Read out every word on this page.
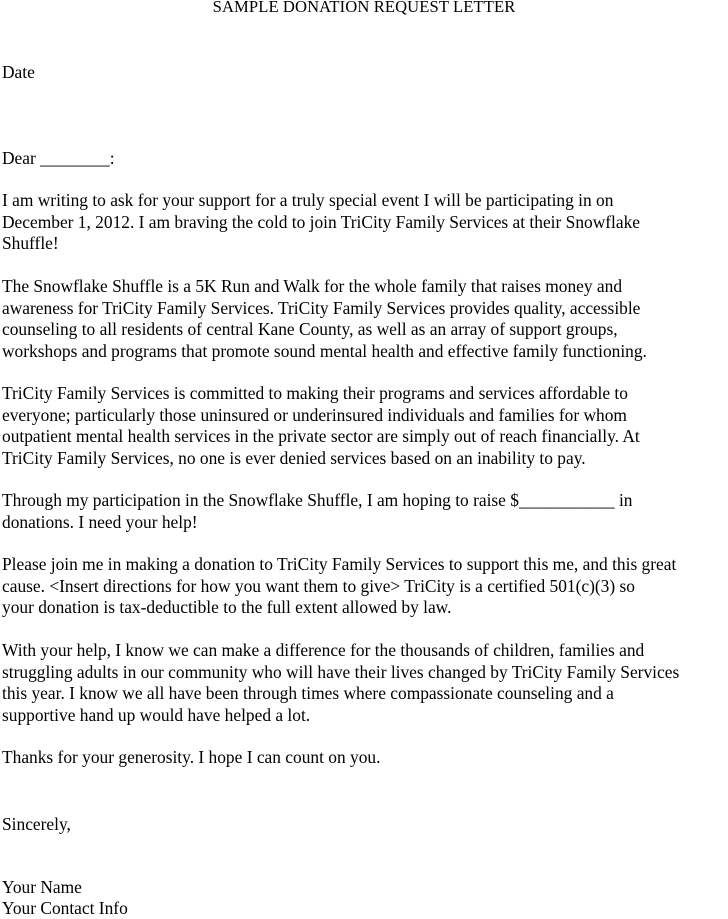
SAMPLE DONATION REQUEST LETTER
Date
Dear ________:

I am writing to ask for your support for a truly special event I will be participating in on
December 1, 2012. I am braving the cold to join TriCity Family Services at their Snowflake
Shuffle!

The Snowflake Shuffle is a 5K Run and Walk for the whole family that raises money and
awareness for TriCity Family Services. TriCity Family Services provides quality, accessible
counseling to all residents of central Kane County, as well as an array of support groups,
workshops and programs that promote sound mental health and effective family functioning.

TriCity Family Services is committed to making their programs and services affordable to
everyone; particularly those uninsured or underinsured individuals and families for whom
outpatient mental health services in the private sector are simply out of reach financially. At
TriCity Family Services, no one is ever denied services based on an inability to pay.

Through my participation in the Snowflake Shuffle, I am hoping to raise $___________ in
donations. I need your help!

Please join me in making a donation to TriCity Family Services to support this me, and this great
cause. <Insert directions for how you want them to give> TriCity is a certified 501(c)(3) so
your donation is tax-deductible to the full extent allowed by law.

With your help, I know we can make a difference for the thousands of children, families and
struggling adults in our community who will have their lives changed by TriCity Family Services
this year. I know we all have been through times where compassionate counseling and a
supportive hand up would have helped a lot.

Thanks for your generosity. I hope I can count on you.

Sincerely,
Your Name
Your Contact Info
